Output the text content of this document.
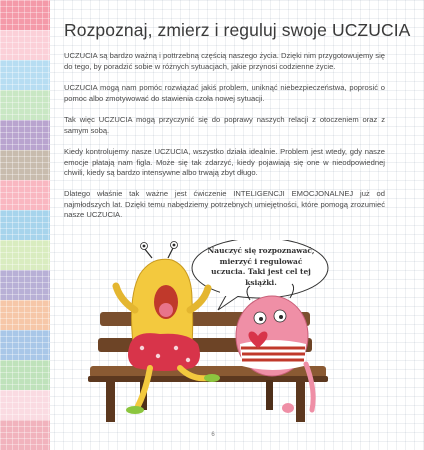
Rozpoznaj, zmierz i reguluj swoje UCZUCIA

UCZUCIA są bardzo ważną i pottrzebną częścią naszego życia. Dzięki nim przygotowujemy się do tego, by poradzić sobie w różnych sytuacjach, jakie przynosi codzienne życie.

UCZUCIA mogą nam pomóc rozwiązać jakiś problem, uniknąć niebezpieczeństwa, poprosić o pomoc albo zmotywować do stawienia czoła nowej sytuacji.

Tak więc UCZUCIA mogą przyczynić się do poprawy naszych relacji z otoczeniem oraz z samym sobą.

Kiedy kontrolujemy nasze UCZUCIA, wszystko działa idealnie. Problem jest wtedy, gdy nasze emocje płatają nam figla. Może się tak zdarzyć, kiedy pojawiają się one w nieodpowiednej chwili, kiedy są bardzo intensywne albo trwają zbyt długo.

Dlatego właśnie tak ważne jest ćwiczenie INTELIGENCJI EMOCJONALNEJ już od najmłodszych lat. Dzięki temu nabędziemy potrzebnych umiejętności, które pomogą zrozumieć nasze UCZUCIA.

Nauczyć się rozpoznawać, mierzyć i regulować uczucia. Taki jest cel tej książki.
6
